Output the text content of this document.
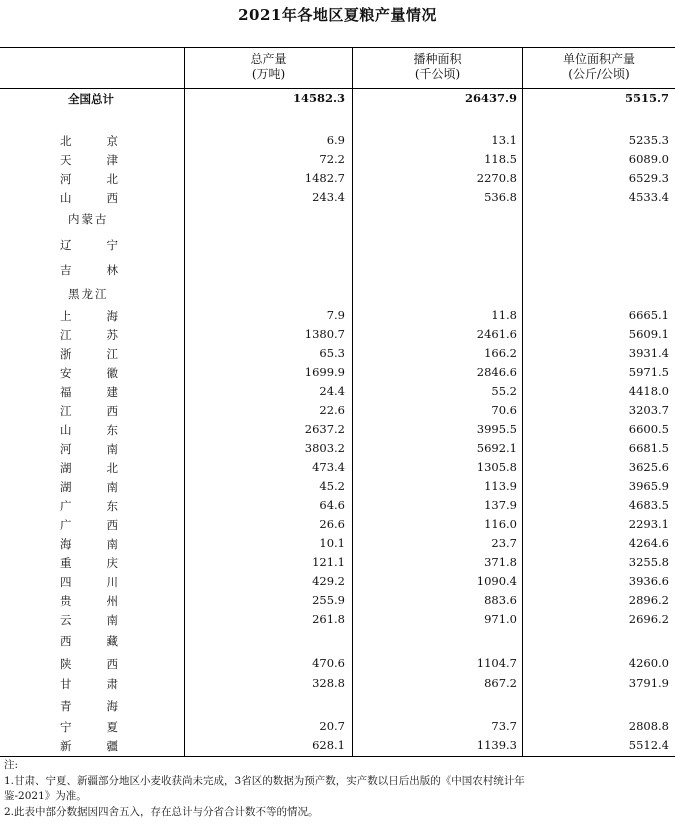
2021年各地区夏粮产量情况
总产量
(万吨)
播种面积
(千公顷)
单位面积产量
(公斤/公顷)
全国总计	14582.3	26437.9	5515.7
北	京	6.9	13.1	5235.3
天	津	72.2	118.5	6089.0
河	北	1482.7	2270.8	6529.3
山	西	243.4	536.8	4533.4
内蒙古
辽	宁
吉	林
黑龙江
上	海	7.9	11.8	6665.1
江	苏	1380.7	2461.6	5609.1
浙	江	65.3	166.2	3931.4
安	徽	1699.9	2846.6	5971.5
福	建	24.4	55.2	4418.0
江	西	22.6	70.6	3203.7
山	东	2637.2	3995.5	6600.5
河	南	3803.2	5692.1	6681.5
湖	北	473.4	1305.8	3625.6
湖	南	45.2	113.9	3965.9
广	东	64.6	137.9	4683.5
广	西	26.6	116.0	2293.1
海	南	10.1	23.7	4264.6
重	庆	121.1	371.8	3255.8
四	川	429.2	1090.4	3936.6
贵	州	255.9	883.6	2896.2
云	南	261.8	971.0	2696.2
西	藏
陕	西	470.6	1104.7	4260.0
甘	肃	328.8	867.2	3791.9
青	海
宁	夏	20.7	73.7	2808.8
新	疆	628.1	1139.3	5512.4
注:
1.甘肃、宁夏、新疆部分地区小麦收获尚未完成，3省区的数据为预产数，实产数以日后出版的《中国农村统计年
鉴-2021》为准。
2.此表中部分数据因四舍五入，存在总计与分省合计数不等的情况。
